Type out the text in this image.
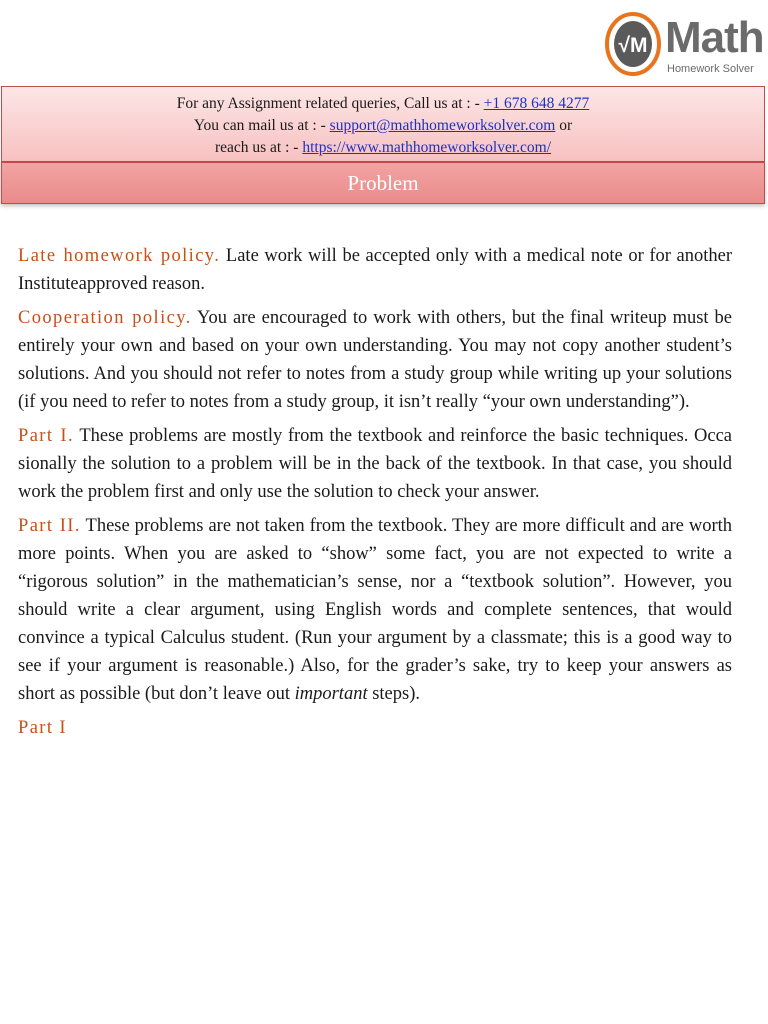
√M Math
Homework Solver
For any Assignment related queries, Call us at : - +1 678 648 4277
You can mail us at : - support@mathhomeworksolver.com or
reach us at : - https://www.mathhomeworksolver.com/
Problem

Late homework policy. Late work will be accepted only with a medical note or for another Instituteapproved reason.

Cooperation policy. You are encouraged to work with others, but the final writeup must be entirely your own and based on your own understanding. You may not copy another student’s solutions. And you should not refer to notes from a study group while writing up your solutions (if you need to refer to notes from a study group, it isn’t really “your own understanding”).

Part I. These problems are mostly from the textbook and reinforce the basic techniques. Occa sionally the solution to a problem will be in the back of the textbook. In that case, you should work the problem first and only use the solution to check your answer.

Part II. These problems are not taken from the textbook. They are more difficult and are worth more points. When you are asked to “show” some fact, you are not expected to write a “rigorous solution” in the mathematician’s sense, nor a “textbook solution”. However, you should write a clear argument, using English words and complete sentences, that would convince a typical Calculus student. (Run your argument by a classmate; this is a good way to see if your argument is reasonable.) Also, for the grader’s sake, try to keep your answers as short as possible (but don’t leave out important steps).

Part I
